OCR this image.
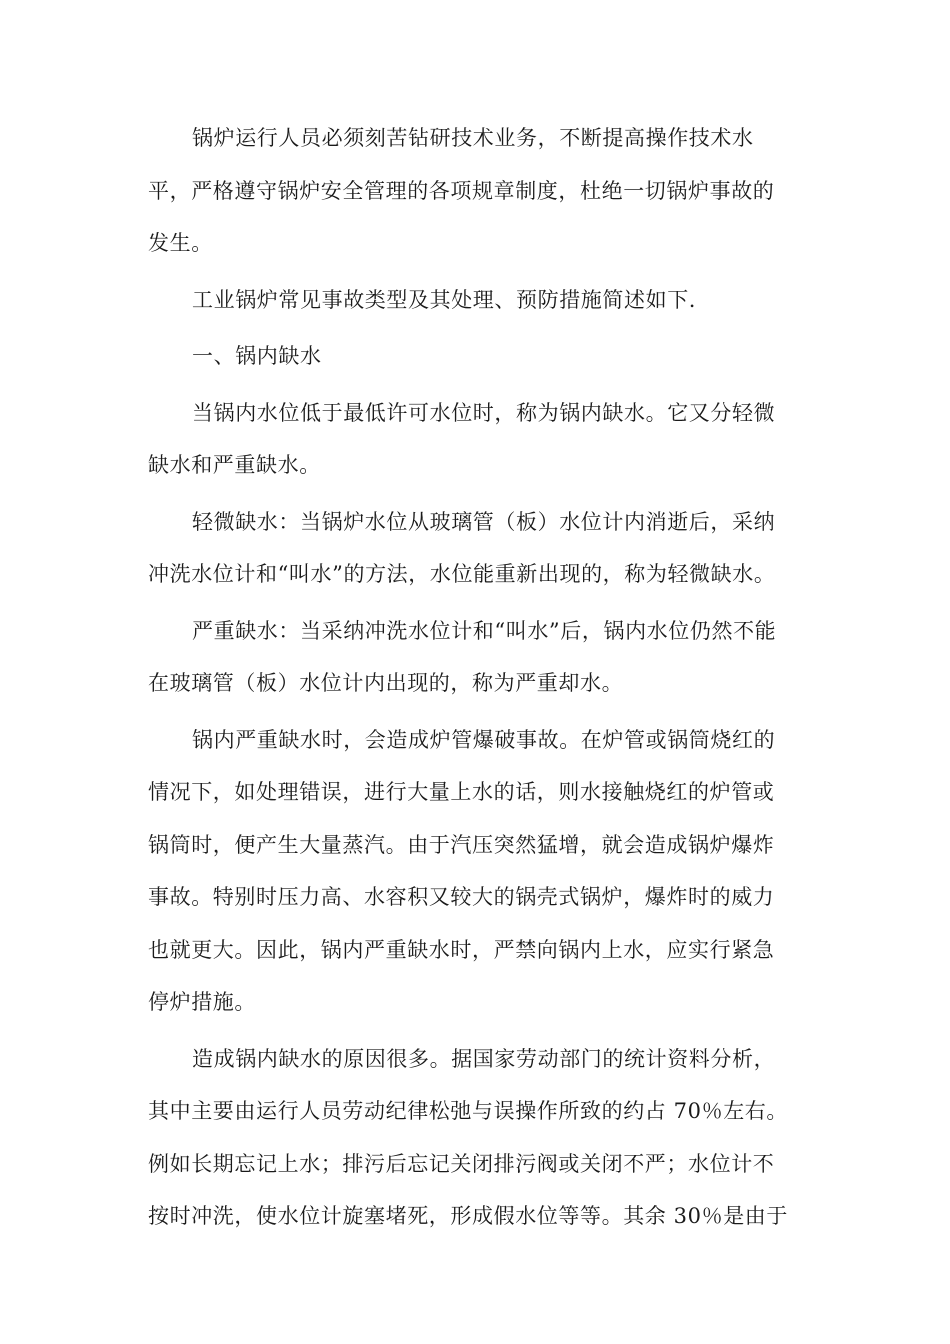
锅炉运行人员必须刻苦钻研技术业务，不断提高操作技术水
平，严格遵守锅炉安全管理的各项规章制度，杜绝一切锅炉事故的
发生。

工业锅炉常见事故类型及其处理、预防措施简述如下.

一、锅内缺水

当锅内水位低于最低许可水位时，称为锅内缺水。它又分轻微
缺水和严重缺水。

轻微缺水：当锅炉水位从玻璃管（板）水位计内消逝后，采纳
冲洗水位计和“叫水”的方法，水位能重新出现的，称为轻微缺水。

严重缺水：当采纳冲洗水位计和“叫水”后，锅内水位仍然不能
在玻璃管（板）水位计内出现的，称为严重却水。

锅内严重缺水时，会造成炉管爆破事故。在炉管或锅筒烧红的
情况下，如处理错误，进行大量上水的话，则水接触烧红的炉管或
锅筒时，便产生大量蒸汽。由于汽压突然猛增，就会造成锅炉爆炸
事故。特别时压力高、水容积又较大的锅壳式锅炉，爆炸时的威力
也就更大。因此，锅内严重缺水时，严禁向锅内上水，应实行紧急
停炉措施。

造成锅内缺水的原因很多。据国家劳动部门的统计资料分析，
其中主要由运行人员劳动纪律松弛与误操作所致的约占 70％左右。
例如长期忘记上水；排污后忘记关闭排污阀或关闭不严；水位计不
按时冲洗，使水位计旋塞堵死，形成假水位等等。其余 30％是由于
